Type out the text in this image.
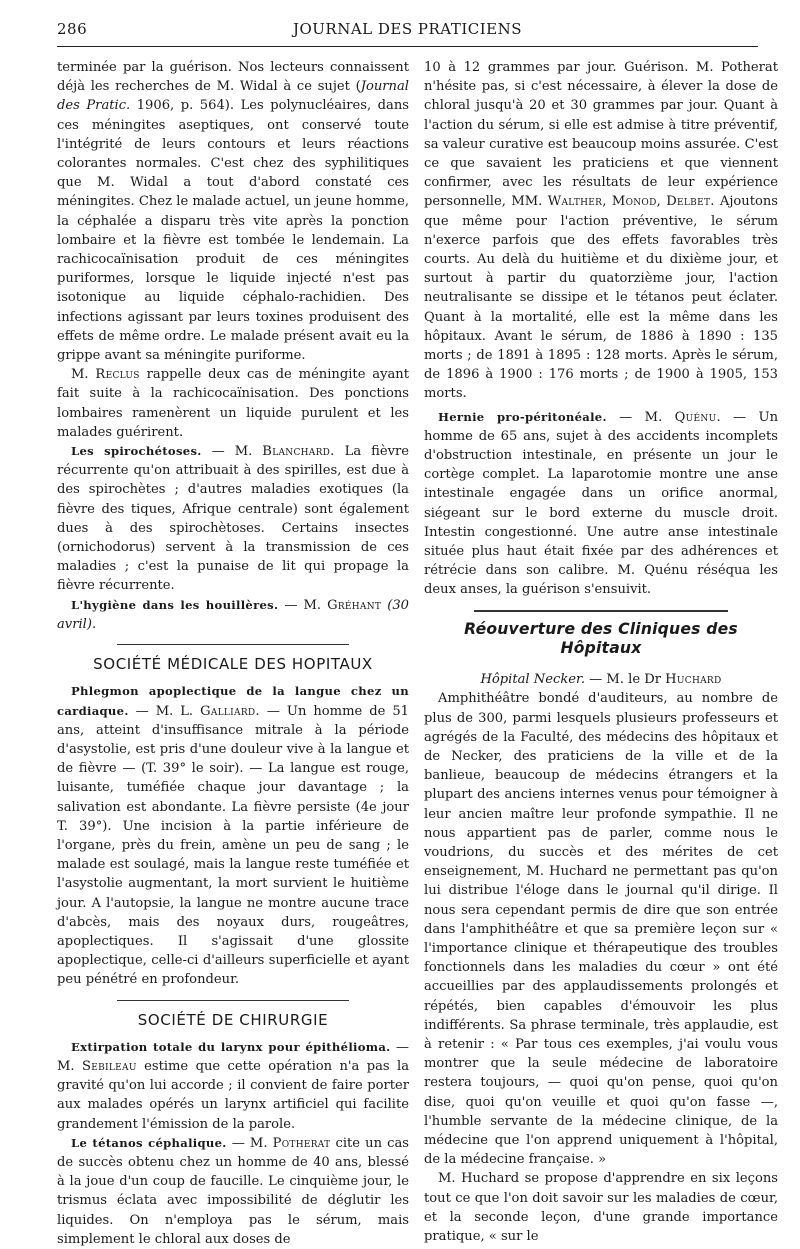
286	JOURNAL DES PRATICIENS

terminée par la guérison. Nos lecteurs connaissent déjà les recherches de M. Widal à ce sujet (Journal des Pratic. 1906, p. 564). Les polynucléaires, dans ces méningites aseptiques, ont conservé toute l'intégrité de leurs contours et leurs réactions colorantes normales. C'est chez des syphilitiques que M. Widal a tout d'abord constaté ces méningites. Chez le malade actuel, un jeune homme, la céphalée a disparu très vite après la ponction lombaire et la fièvre est tombée le lendemain. La rachicocaïnisation produit de ces méningites puriformes, lorsque le liquide injecté n'est pas isotonique au liquide céphalo-rachidien. Des infections agissant par leurs toxines produisent des effets de même ordre. Le malade présent avait eu la grippe avant sa méningite puriforme.

M. Reclus rappelle deux cas de méningite ayant fait suite à la rachicocaïnisation. Des ponctions lombaires ramenèrent un liquide purulent et les malades guérirent.

Les spirochétoses. — M. Blanchard. La fièvre récurrente qu'on attribuait à des spirilles, est due à des spirochètes ; d'autres maladies exotiques (la fièvre des tiques, Afrique centrale) sont également dues à des spirochètoses. Certains insectes (ornichodorus) servent à la transmission de ces maladies ; c'est la punaise de lit qui propage la fièvre récurrente.

L'hygiène dans les houillères. — M. Gréhant (30 avril).

SOCIÉTÉ MÉDICALE DES HOPITAUX

Phlegmon apoplectique de la langue chez un cardiaque. — M. L. Galliard. — Un homme de 51 ans, atteint d'insuffisance mitrale à la période d'asystolie, est pris d'une douleur vive à la langue et de fièvre — (T. 39° le soir). — La langue est rouge, luisante, tuméfiée chaque jour davantage ; la salivation est abondante. La fièvre persiste (4e jour T. 39°). Une incision à la partie inférieure de l'organe, près du frein, amène un peu de sang ; le malade est soulagé, mais la langue reste tuméfiée et l'asystolie augmentant, la mort survient le huitième jour. A l'autopsie, la langue ne montre aucune trace d'abcès, mais des noyaux durs, rougeâtres, apoplectiques. Il s'agissait d'une glossite apoplectique, celle-ci d'ailleurs superficielle et ayant peu pénétré en profondeur.

SOCIÉTÉ DE CHIRURGIE

Extirpation totale du larynx pour épithélioma. — M. Sebileau estime que cette opération n'a pas la gravité qu'on lui accorde ; il convient de faire porter aux malades opérés un larynx artificiel qui facilite grandement l'émission de la parole.

Le tétanos céphalique. — M. Potherat cite un cas de succès obtenu chez un homme de 40 ans, blessé à la joue d'un coup de faucille. Le cinquième jour, le trismus éclata avec impossibilité de déglutir les liquides. On n'employa pas le sérum, mais simplement le chloral aux doses de

10 à 12 grammes par jour. Guérison. M. Potherat n'hésite pas, si c'est nécessaire, à élever la dose de chloral jusqu'à 20 et 30 grammes par jour. Quant à l'action du sérum, si elle est admise à titre préventif, sa valeur curative est beaucoup moins assurée. C'est ce que savaient les praticiens et que viennent confirmer, avec les résultats de leur expérience personnelle, MM. Walther, Monod, Delbet. Ajoutons que même pour l'action préventive, le sérum n'exerce parfois que des effets favorables très courts. Au delà du huitième et du dixième jour, et surtout à partir du quatorzième jour, l'action neutralisante se dissipe et le tétanos peut éclater. Quant à la mortalité, elle est la même dans les hôpitaux. Avant le sérum, de 1886 à 1890 : 135 morts ; de 1891 à 1895 : 128 morts. Après le sérum, de 1896 à 1900 : 176 morts ; de 1900 à 1905, 153 morts.

Hernie pro-péritonéale. — M. Quénu. — Un homme de 65 ans, sujet à des accidents incomplets d'obstruction intestinale, en présente un jour le cortège complet. La laparotomie montre une anse intestinale engagée dans un orifice anormal, siégeant sur le bord externe du muscle droit. Intestin congestionné. Une autre anse intestinale située plus haut était fixée par des adhérences et rétrécie dans son calibre. M. Quénu réséqua les deux anses, la guérison s'ensuivit.

Réouverture des Cliniques des Hôpitaux

Hôpital Necker. — M. le Dr Huchard

Amphithéâtre bondé d'auditeurs, au nombre de plus de 300, parmi lesquels plusieurs professeurs et agrégés de la Faculté, des médecins des hôpitaux et de Necker, des praticiens de la ville et de la banlieue, beaucoup de médecins étrangers et la plupart des anciens internes venus pour témoigner à leur ancien maître leur profonde sympathie. Il ne nous appartient pas de parler, comme nous le voudrions, du succès et des mérites de cet enseignement, M. Huchard ne permettant pas qu'on lui distribue l'éloge dans le journal qu'il dirige. Il nous sera cependant permis de dire que son entrée dans l'amphithéâtre et que sa première leçon sur « l'importance clinique et thérapeutique des troubles fonctionnels dans les maladies du cœur » ont été accueillies par des applaudissements prolongés et répétés, bien capables d'émouvoir les plus indifférents. Sa phrase terminale, très applaudie, est à retenir : « Par tous ces exemples, j'ai voulu vous montrer que la seule médecine de laboratoire restera toujours, — quoi qu'on pense, quoi qu'on dise, quoi qu'on veuille et quoi qu'on fasse —, l'humble servante de la médecine clinique, de la médecine que l'on apprend uniquement à l'hôpital, de la médecine française. »

M. Huchard se propose d'apprendre en six leçons tout ce que l'on doit savoir sur les maladies de cœur, et la seconde leçon, d'une grande importance pratique, « sur le
